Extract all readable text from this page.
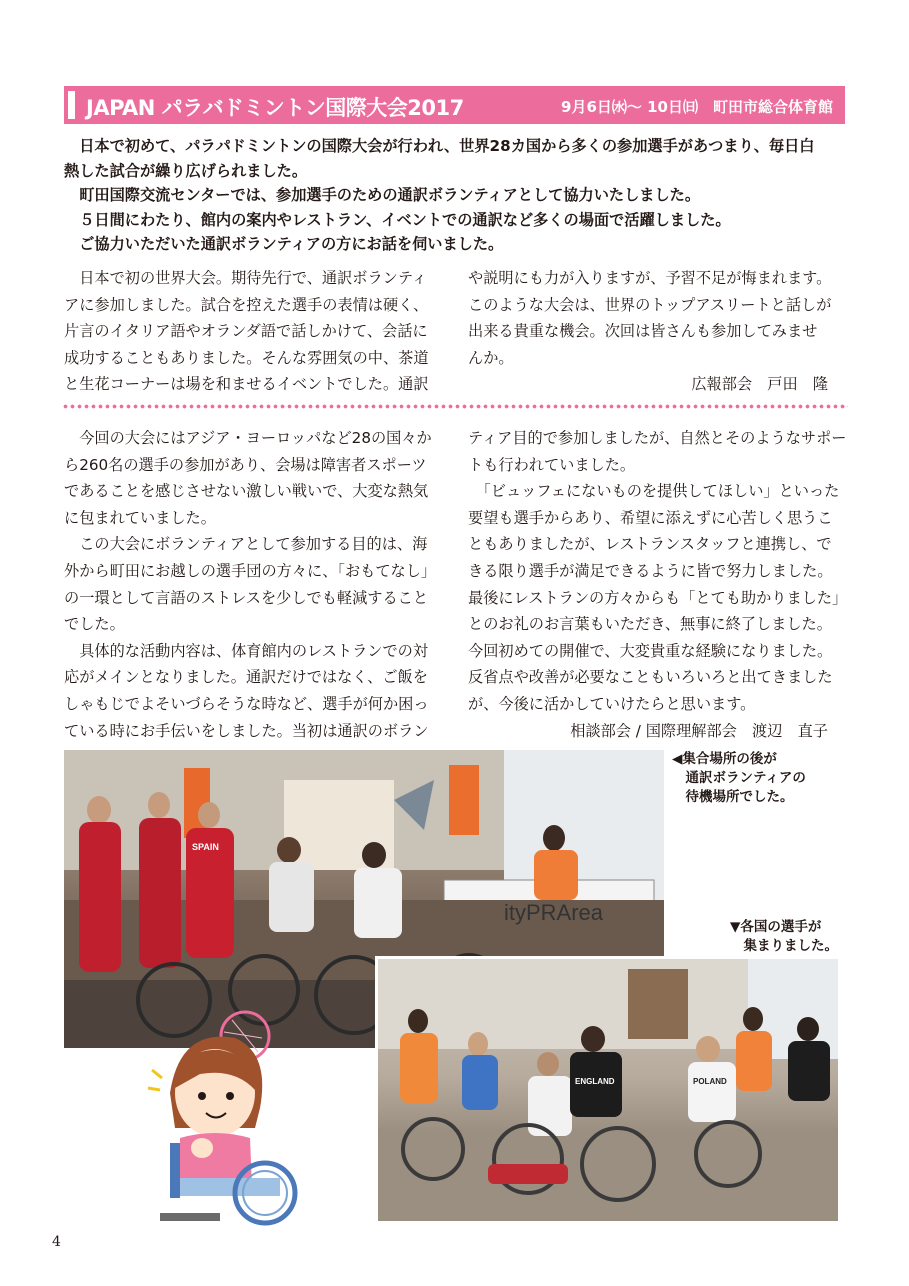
JAPAN パラバドミントン国際大会2017	9月6日㈬〜 10日㈰　町田市総合体育館

　日本で初めて、パラパドミントンの国際大会が行われ、世界28カ国から多くの参加選手があつまり、毎日白

熱した試合が繰り広げられました。

　町田国際交流センターでは、参加選手のための通訳ボランティアとして協力いたしました。

　５日間にわたり、館内の案内やレストラン、イベントでの通訳など多くの場面で活躍しました。

　ご協力いただいた通訳ボランティアの方にお話を伺いました。

　日本で初の世界大会。期待先行で、通訳ボランティ

アに参加しました。試合を控えた選手の表情は硬く、

片言のイタリア語やオランダ語で話しかけて、会話に

成功することもありました。そんな雰囲気の中、茶道

と生花コーナーは場を和ませるイベントでした。通訳

や説明にも力が入りますが、予習不足が悔まれます。

このような大会は、世界のトップアスリートと話しが

出来る貴重な機会。次回は皆さんも参加してみませ

んか。

広報部会　戸田　隆

　今回の大会にはアジア・ヨーロッパなど28の国々か

ら260名の選手の参加があり、会場は障害者スポーツ

であることを感じさせない激しい戦いで、大変な熱気

に包まれていました。

　この大会にボランティアとして参加する目的は、海

外から町田にお越しの選手団の方々に、「おもてなし」

の一環として言語のストレスを少しでも軽減すること

でした。

　具体的な活動内容は、体育館内のレストランでの対

応がメインとなりました。通訳だけではなく、ご飯を

しゃもじでよそいづらそうな時など、選手が何か困っ

ている時にお手伝いをしました。当初は通訳のボラン

ティア目的で参加しましたが、自然とそのようなサポー

トも行われていました。

　「ビュッフェにないものを提供してほしい」といった

要望も選手からあり、希望に添えずに心苦しく思うこ

ともありましたが、レストランスタッフと連携し、で

きる限り選手が満足できるように皆で努力しました。

最後にレストランの方々からも「とても助かりました」

とのお礼のお言葉もいただき、無事に終了しました。

今回初めての開催で、大変貴重な経験になりました。

反省点や改善が必要なこともいろいろと出てきました

が、今後に活かしていけたらと思います。

相談部会 / 国際理解部会　渡辺　直子

ityPRArea
SPAIN
◀集合場所の後が
　通訳ボランティアの
　待機場所でした。
▼各国の選手が
　集まりました。
ENGLAND	POLAND
4
